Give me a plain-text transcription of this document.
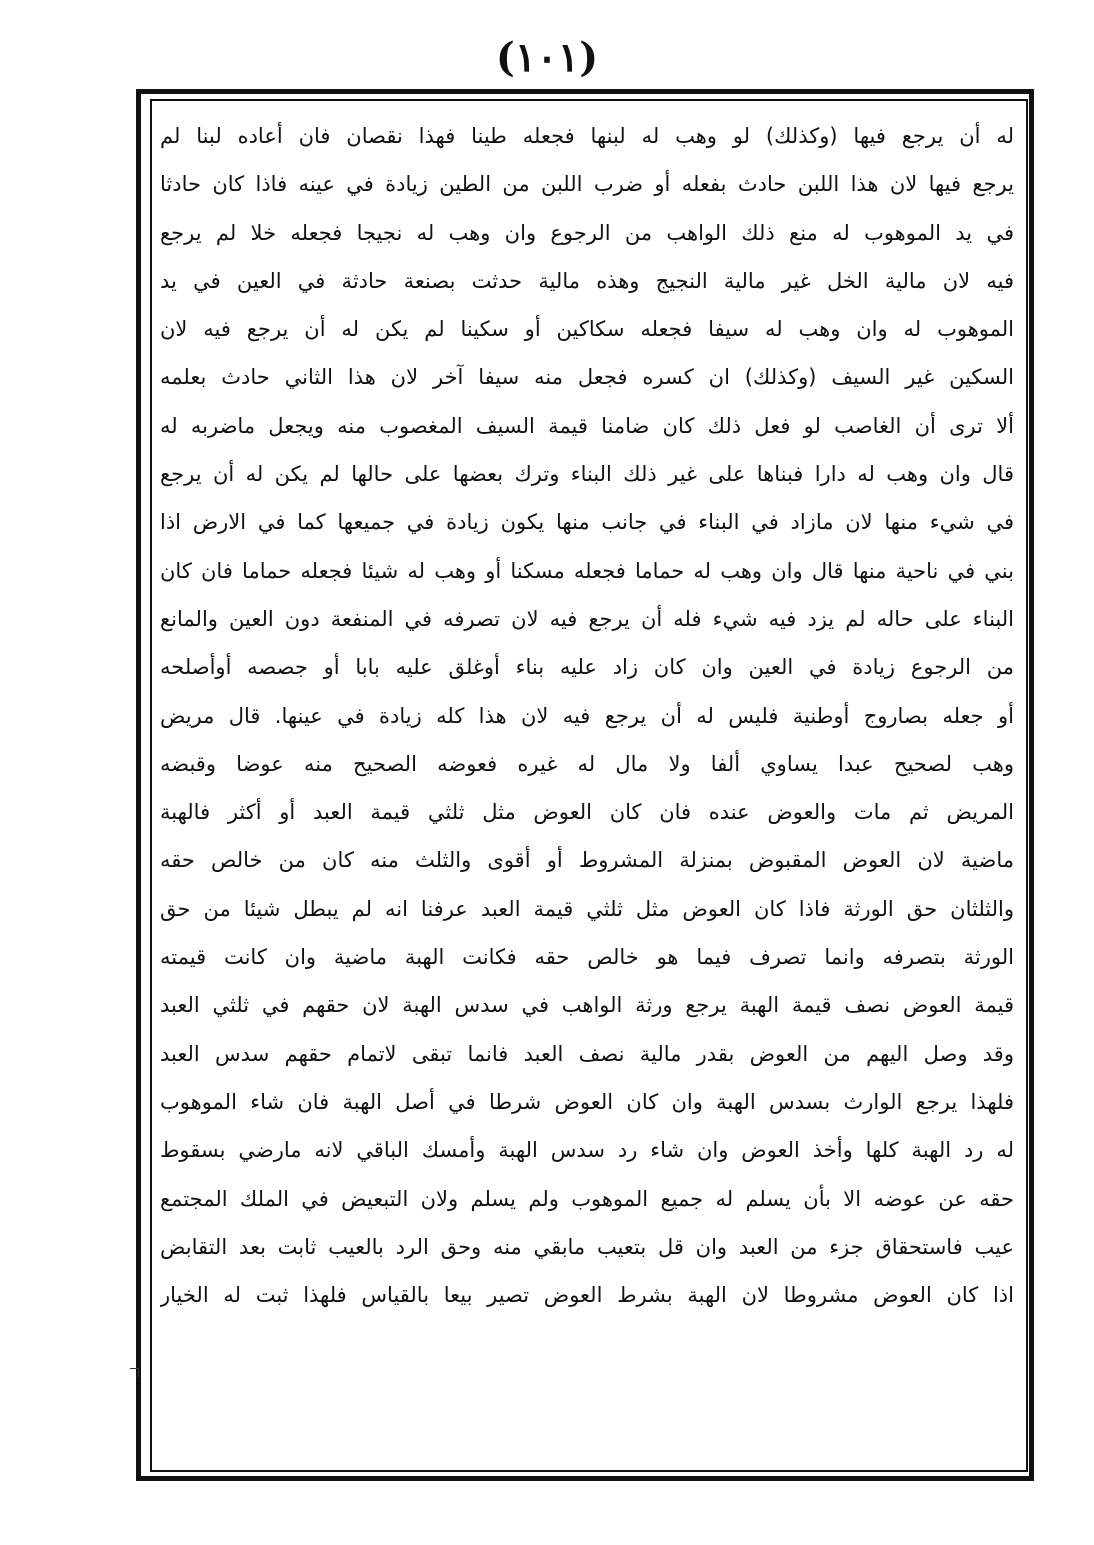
(١٠١)
له أن يرجع فيها (وكذلك) لو وهب له لبنها فجعله طينا فهذا نقصان فان أعاده لبنا لم
يرجع فيها لان هذا اللبن حادث بفعله أو ضرب اللبن من الطين زيادة في عينه فاذا كان حادثا
في يد الموهوب له منع ذلك الواهب من الرجوع وان وهب له نجيجا فجعله خلا لم يرجع
فيه لان مالية الخل غير مالية النجيج وهذه مالية حدثت بصنعة حادثة في العين في يد
الموهوب له وان وهب له سيفا فجعله سكاكين أو سكينا لم يكن له أن يرجع فيه لان
السكين غير السيف (وكذلك) ان كسره فجعل منه سيفا آخر لان هذا الثاني حادث بعلمه
ألا ترى أن الغاصب لو فعل ذلك كان ضامنا قيمة السيف المغصوب منه ويجعل ماضربه له
قال وان وهب له دارا فبناها على غير ذلك البناء وترك بعضها على حالها لم يكن له أن يرجع
في شيء منها لان مازاد في البناء في جانب منها يكون زيادة في جميعها كما في الارض اذا
بني في ناحية منها قال وان وهب له حماما فجعله مسكنا أو وهب له شيئا فجعله حماما فان كان
البناء على حاله لم يزد فيه شيء فله أن يرجع فيه لان تصرفه في المنفعة دون العين والمانع
من الرجوع زيادة في العين وان كان زاد عليه بناء أوغلق عليه بابا أو جصصه أوأصلحه
أو جعله بصاروج أوطنية فليس له أن يرجع فيه لان هذا كله زيادة في عينها. قال مريض
وهب لصحيح عبدا يساوي ألفا ولا مال له غيره فعوضه الصحيح منه عوضا وقبضه
المريض ثم مات والعوض عنده فان كان العوض مثل ثلثي قيمة العبد أو أكثر فالهبة
ماضية لان العوض المقبوض بمنزلة المشروط أو أقوى والثلث منه كان من خالص حقه
والثلثان حق الورثة فاذا كان العوض مثل ثلثي قيمة العبد عرفنا انه لم يبطل شيئا من حق
الورثة بتصرفه وانما تصرف فيما هو خالص حقه فكانت الهبة ماضية وان كانت قيمته
قيمة العوض نصف قيمة الهبة يرجع ورثة الواهب في سدس الهبة لان حقهم في ثلثي العبد
وقد وصل اليهم من العوض بقدر مالية نصف العبد فانما تبقى لاتمام حقهم سدس العبد
فلهذا يرجع الوارث بسدس الهبة وان كان العوض شرطا في أصل الهبة فان شاء الموهوب
له رد الهبة كلها وأخذ العوض وان شاء رد سدس الهبة وأمسك الباقي لانه مارضي بسقوط
حقه عن عوضه الا بأن يسلم له جميع الموهوب ولم يسلم ولان التبعيض في الملك المجتمع
عيب فاستحقاق جزء من العبد وان قل بتعيب مابقي منه وحق الرد بالعيب ثابت بعد التقابض
اذا كان العوض مشروطا لان الهبة بشرط العوض تصير بيعا بالقياس فلهذا ثبت له الخيار
